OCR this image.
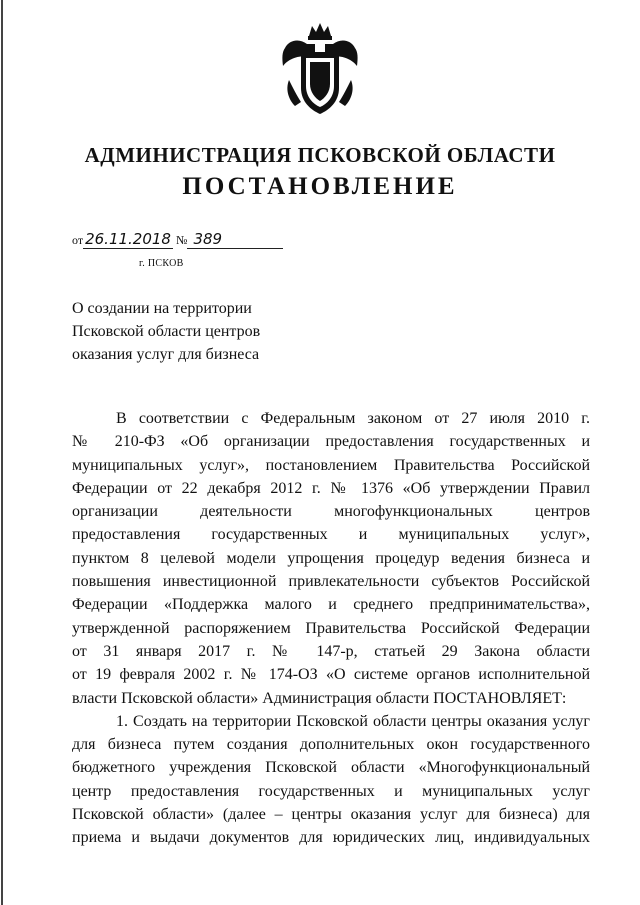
АДМИНИСТРАЦИЯ ПСКОВСКОЙ ОБЛАСТИ
ПОСТАНОВЛЕНИЕ
от 26.11.2018 № 389
г. ПСКОВ
О создании на территории
Псковской области центров
оказания услуг для бизнеса
В соответствии с Федеральным законом от 27 июля 2010 г.
№ 210-ФЗ «Об организации предоставления государственных и
муниципальных услуг», постановлением Правительства Российской
Федерации от 22 декабря 2012 г. № 1376 «Об утверждении Правил
организации деятельности многофункциональных центров
предоставления государственных и муниципальных услуг»,
пунктом 8 целевой модели упрощения процедур ведения бизнеса и
повышения инвестиционной привлекательности субъектов Российской
Федерации «Поддержка малого и среднего предпринимательства»,
утвержденной распоряжением Правительства Российской Федерации
от 31 января 2017 г. № 147-р, статьей 29 Закона области
от 19 февраля 2002 г. № 174-ОЗ «О системе органов исполнительной
власти Псковской области» Администрация области ПОСТАНОВЛЯЕТ:
1. Создать на территории Псковской области центры оказания услуг
для бизнеса путем создания дополнительных окон государственного
бюджетного учреждения Псковской области «Многофункциональный
центр предоставления государственных и муниципальных услуг
Псковской области» (далее – центры оказания услуг для бизнеса) для
приема и выдачи документов для юридических лиц, индивидуальных
